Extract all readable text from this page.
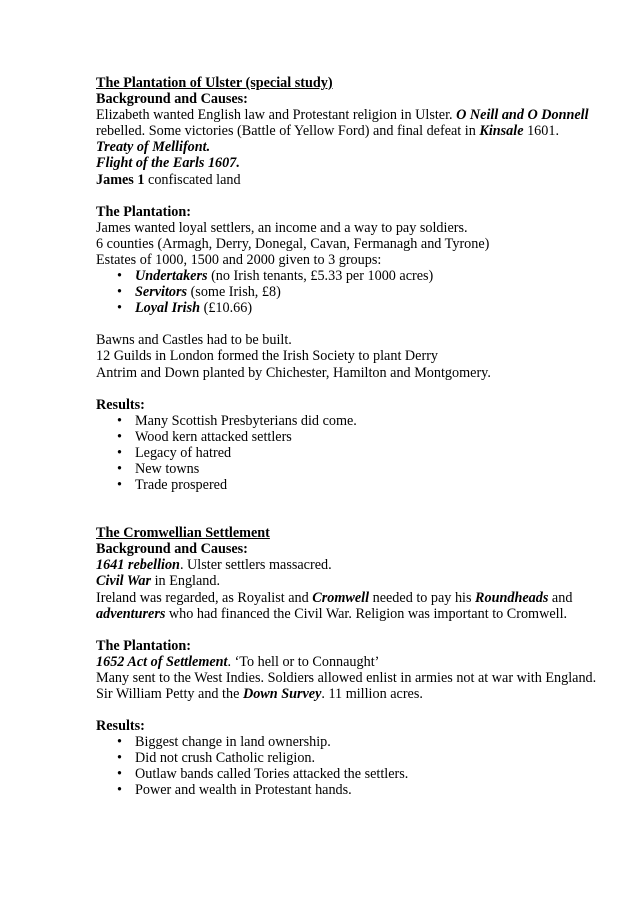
The Plantation of Ulster (special study)

Background and Causes:

Elizabeth wanted English law and Protestant religion in Ulster. O Neill and O Donnell

rebelled. Some victories (Battle of Yellow Ford) and final defeat in Kinsale 1601.

Treaty of Mellifont.

Flight of the Earls 1607.

James 1 confiscated land

The Plantation:

James wanted loyal settlers, an income and a way to pay soldiers.

6 counties (Armagh, Derry, Donegal, Cavan, Fermanagh and Tyrone)

Estates of 1000, 1500 and 2000 given to 3 groups:

• Undertakers (no Irish tenants, £5.33 per 1000 acres)
• Servitors (some Irish, £8)
• Loyal Irish (£10.66)

Bawns and Castles had to be built.

12 Guilds in London formed the Irish Society to plant Derry

Antrim and Down planted by Chichester, Hamilton and Montgomery.

Results:

• Many Scottish Presbyterians did come.
• Wood kern attacked settlers
• Legacy of hatred
• New towns
• Trade prospered

The Cromwellian Settlement

Background and Causes:

1641 rebellion. Ulster settlers massacred.

Civil War in England.

Ireland was regarded, as Royalist and Cromwell needed to pay his Roundheads and

adventurers who had financed the Civil War. Religion was important to Cromwell.

The Plantation:

1652 Act of Settlement. ‘To hell or to Connaught’

Many sent to the West Indies. Soldiers allowed enlist in armies not at war with England.

Sir William Petty and the Down Survey. 11 million acres.

Results:

• Biggest change in land ownership.
• Did not crush Catholic religion.
• Outlaw bands called Tories attacked the settlers.
• Power and wealth in Protestant hands.
